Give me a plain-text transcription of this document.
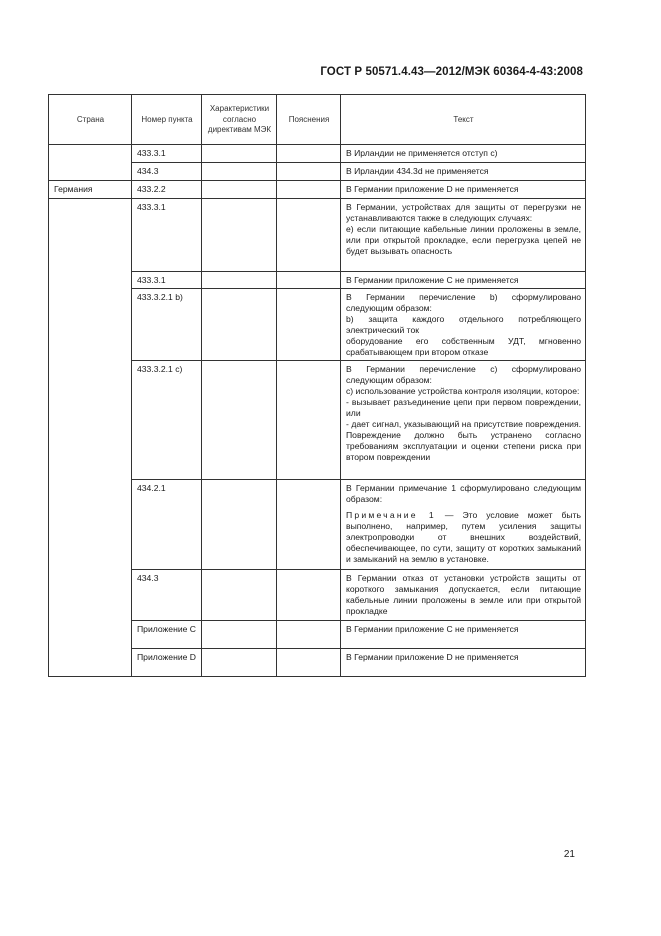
ГОСТ Р 50571.4.43—2012/МЭК 60364-4-43:2008
Страна	Номер пункта	Характеристики согласно директивам МЭК	Пояснения	Текст
	433.3.1			В Ирландии не применяется отступ c)
	434.3			В Ирландии 434.3d не применяется
Германия	433.2.2			В Германии приложение D не применяется
	433.3.1			В Германии, устройствах для защиты от перегрузки не устанавливаются также в следующих случаях:
e) если питающие кабельные линии проложены в земле, или при открытой прокладке, если перегрузка цепей не будет вызывать опасность

	433.3.1			В Германии приложение С не применяется
	433.3.2.1 b)			В Германии перечисление b) сформулировано следующим образом:
b) защита каждого отдельного потребляющего электрический ток
оборудование его собственным УДТ, мгновенно срабатывающем при втором отказе

	433.3.2.1 c)			В Германии перечисление c) сформулировано следующим образом:
c) использование устройства контроля изоляции, которое:
- вызывает разъединение цепи при первом повреждении, или
- дает сигнал, указывающий на присутствие повреждения. Повреждение должно быть устранено согласно требованиям эксплуатации и оценки степени риска при втором повреждении

	434.2.1			В Германии примечание 1 сформулировано следующим образом:
Примечание 1 — Это условие может быть выполнено, например, путем усиления защиты электропроводки от внешних воздействий, обеспечивающее, по сути, защиту от коротких замыканий и замыканий на землю в установке.

	434.3			В Германии отказ от установки устройств защиты от короткого замыкания допускается, если питающие кабельные линии проложены в земле или при открытой прокладке
	Приложение С			В Германии приложение С не применяется
	Приложение D			В Германии приложение D не применяется
21
